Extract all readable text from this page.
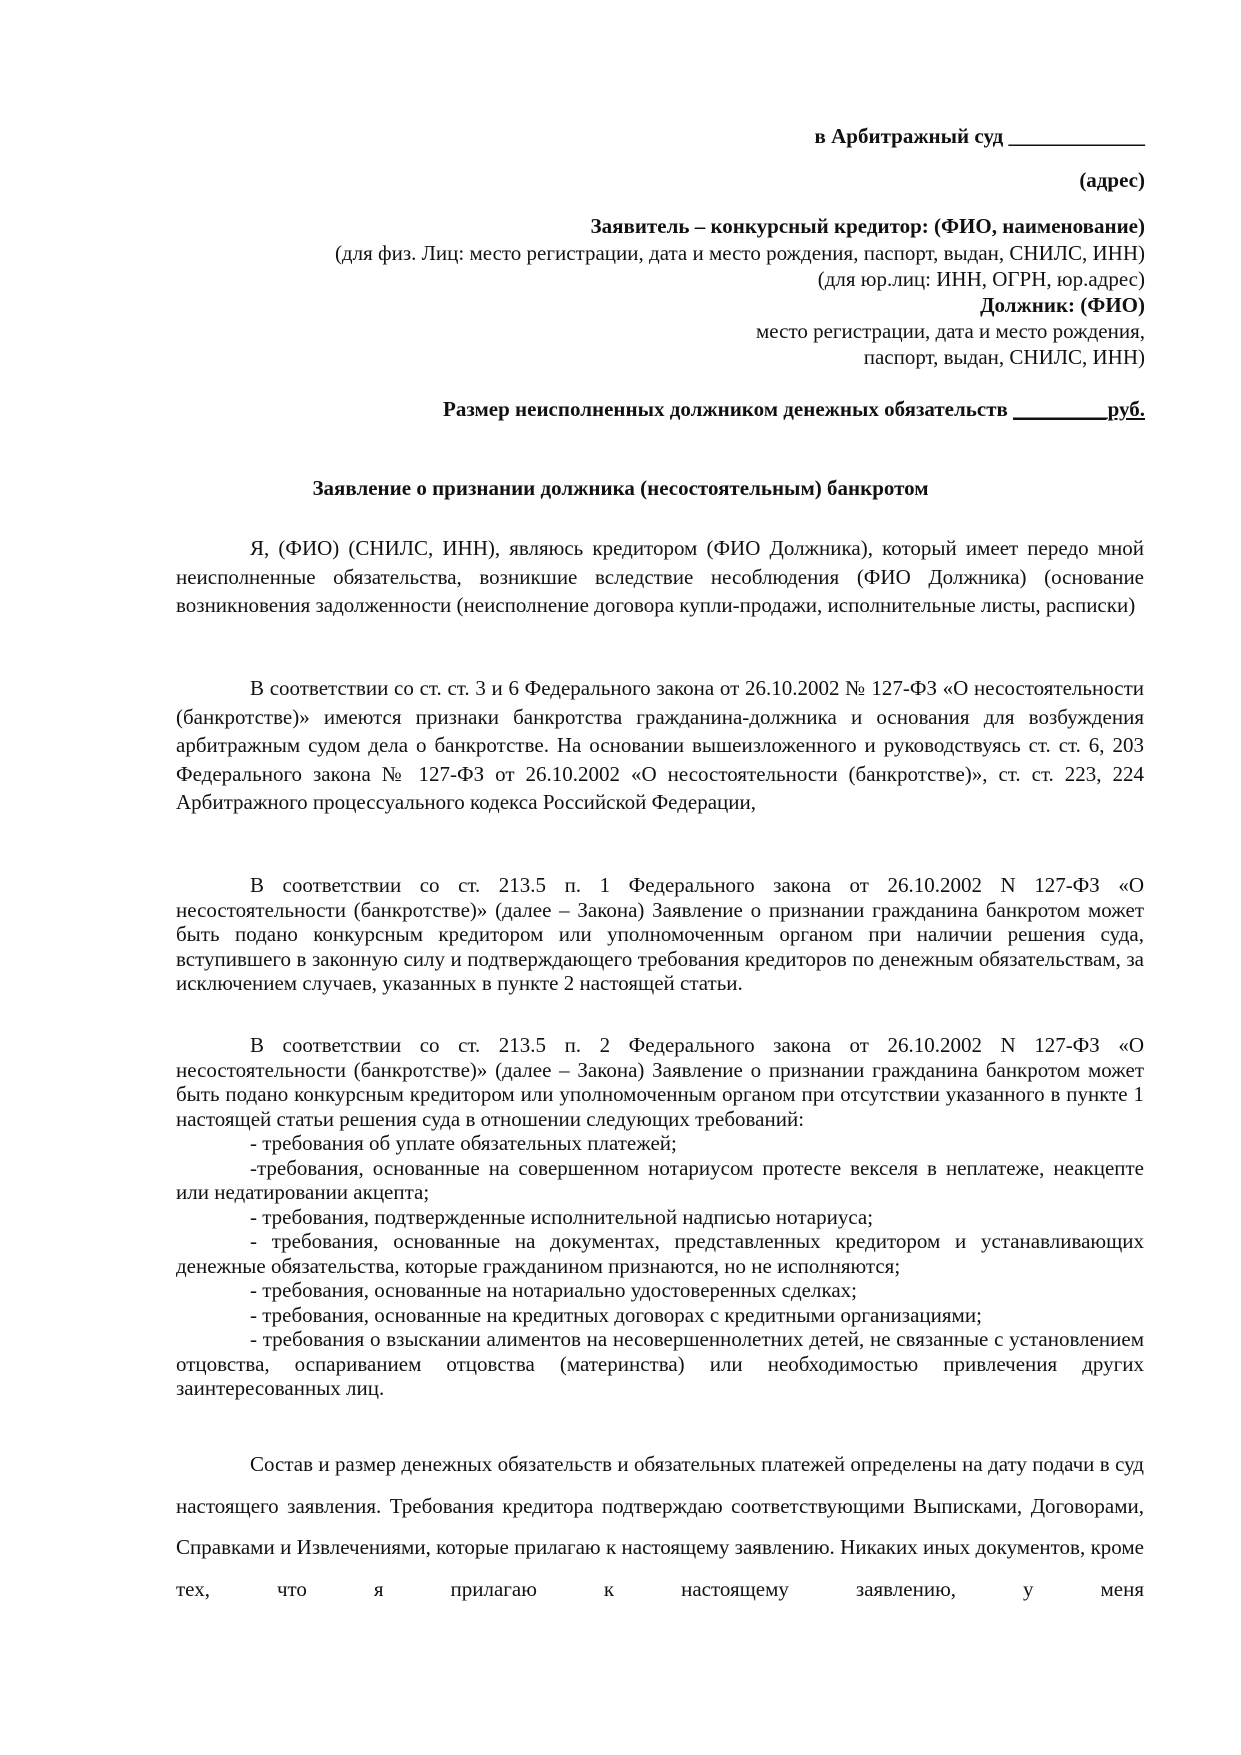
в Арбитражный суд _____________
(адрес)
Заявитель – конкурсный кредитор: (ФИО, наименование)
(для физ. Лиц: место регистрации, дата и место рождения, паспорт, выдан, СНИЛС, ИНН)
(для юр.лиц: ИНН, ОГРН, юр.адрес)
Должник: (ФИО)
место регистрации, дата и место рождения,
паспорт, выдан, СНИЛС, ИНН)
Размер неисполненных должником денежных обязательств _________руб.
Заявление о признании должника (несостоятельным) банкротом

Я, (ФИО) (СНИЛС, ИНН), являюсь кредитором (ФИО Должника), который имеет передо мной неисполненные обязательства, возникшие вследствие несоблюдения (ФИО Должника) (основание возникновения задолженности (неисполнение договора купли-продажи, исполнительные листы, расписки)

В соответствии со ст. ст. 3 и 6 Федерального закона от 26.10.2002 № 127-ФЗ «О несостоятельности (банкротстве)» имеются признаки банкротства гражданина-должника и основания для возбуждения арбитражным судом дела о банкротстве. На основании вышеизложенного и руководствуясь ст. ст. 6, 203 Федерального закона № 127-ФЗ от 26.10.2002 «О несостоятельности (банкротстве)», ст. ст. 223, 224 Арбитражного процессуального кодекса Российской Федерации,

В соответствии со ст. 213.5 п. 1 Федерального закона от 26.10.2002 N 127-ФЗ «О несостоятельности (банкротстве)» (далее – Закона) Заявление о признании гражданина банкротом может быть подано конкурсным кредитором или уполномоченным органом при наличии решения суда, вступившего в законную силу и подтверждающего требования кредиторов по денежным обязательствам, за исключением случаев, указанных в пункте 2 настоящей статьи.

В соответствии со ст. 213.5 п. 2 Федерального закона от 26.10.2002 N 127-ФЗ «О несостоятельности (банкротстве)» (далее – Закона) Заявление о признании гражданина банкротом может быть подано конкурсным кредитором или уполномоченным органом при отсутствии указанного в пункте 1 настоящей статьи решения суда в отношении следующих требований:

- требования об уплате обязательных платежей;

-требования, основанные на совершенном нотариусом протесте векселя в неплатеже, неакцепте или недатировании акцепта;

- требования, подтвержденные исполнительной надписью нотариуса;

- требования, основанные на документах, представленных кредитором и устанавливающих денежные обязательства, которые гражданином признаются, но не исполняются;

- требования, основанные на нотариально удостоверенных сделках;

- требования, основанные на кредитных договорах с кредитными организациями;

- требования о взыскании алиментов на несовершеннолетних детей, не связанные с установлением отцовства, оспариванием отцовства (материнства) или необходимостью привлечения других заинтересованных лиц.

Состав и размер денежных обязательств и обязательных платежей определены на дату подачи в суд настоящего заявления. Требования кредитора подтверждаю соответствующими Выписками, Договорами, Справками и Извлечениями, которые прилагаю к настоящему заявлению. Никаких иных документов, кроме тех, что я прилагаю к настоящему заявлению, у меня
